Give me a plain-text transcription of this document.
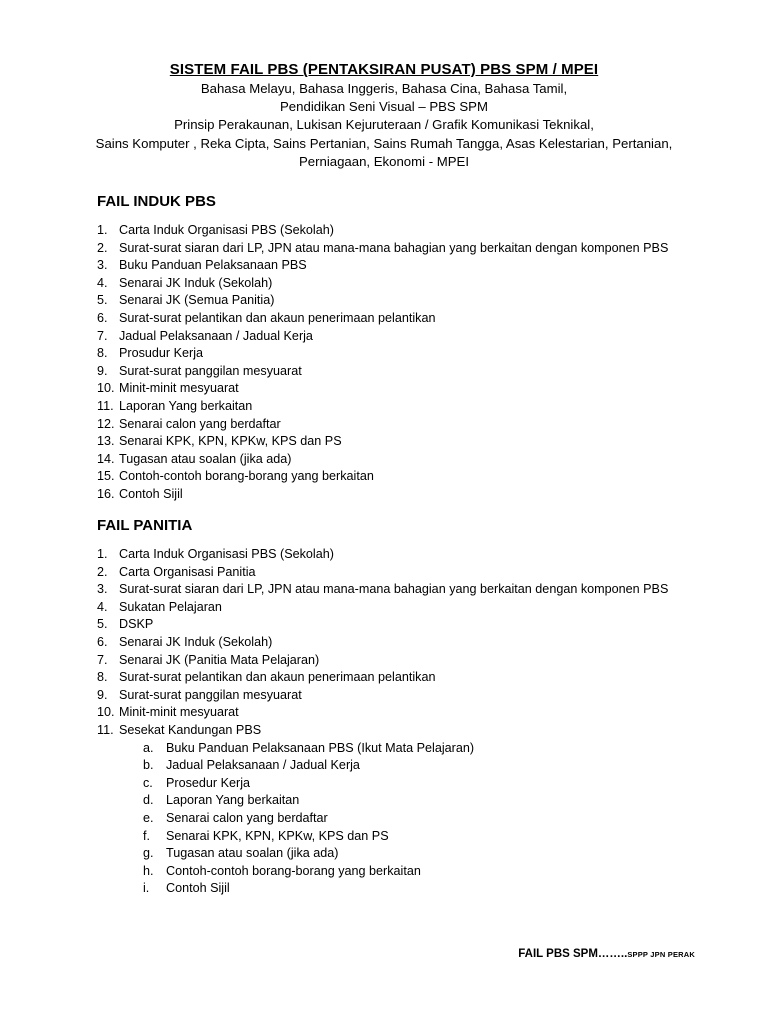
SISTEM FAIL PBS (PENTAKSIRAN PUSAT) PBS SPM / MPEI

Bahasa Melayu, Bahasa Inggeris, Bahasa Cina, Bahasa Tamil,

Pendidikan Seni Visual – PBS SPM

Prinsip Perakaunan, Lukisan Kejuruteraan / Grafik Komunikasi Teknikal,

Sains Komputer , Reka Cipta, Sains Pertanian, Sains Rumah Tangga, Asas Kelestarian, Pertanian,

Perniagaan, Ekonomi - MPEI

FAIL INDUK PBS

1. Carta Induk Organisasi PBS (Sekolah)
2. Surat-surat siaran dari LP, JPN atau mana-mana bahagian yang berkaitan dengan komponen PBS
3. Buku Panduan Pelaksanaan PBS
4. Senarai JK Induk (Sekolah)
5. Senarai JK (Semua Panitia)
6. Surat-surat pelantikan dan akaun penerimaan pelantikan
7. Jadual Pelaksanaan / Jadual Kerja
8. Prosudur Kerja
9. Surat-surat panggilan mesyuarat
10. Minit-minit mesyuarat
11. Laporan Yang berkaitan
12. Senarai calon yang berdaftar
13. Senarai KPK, KPN, KPKw, KPS dan PS
14. Tugasan atau soalan (jika ada)
15. Contoh-contoh borang-borang yang berkaitan
16. Contoh Sijil

FAIL PANITIA

1. Carta Induk Organisasi PBS (Sekolah)
2. Carta Organisasi Panitia
3. Surat-surat siaran dari LP, JPN atau mana-mana bahagian yang berkaitan dengan komponen PBS
4. Sukatan Pelajaran
5. DSKP
6. Senarai JK Induk (Sekolah)
7. Senarai JK (Panitia Mata Pelajaran)
8. Surat-surat pelantikan dan akaun penerimaan pelantikan
9. Surat-surat panggilan mesyuarat
10. Minit-minit mesyuarat
11. Sesekat Kandungan PBS
a. Buku Panduan Pelaksanaan PBS (Ikut Mata Pelajaran)
b. Jadual Pelaksanaan / Jadual Kerja
c. Prosedur Kerja
d. Laporan Yang berkaitan
e. Senarai calon yang berdaftar
f. Senarai KPK, KPN, KPKw, KPS dan PS
g. Tugasan atau soalan (jika ada)
h. Contoh-contoh borang-borang yang berkaitan
i. Contoh Sijil
FAIL PBS SPM……..SPPP JPN PERAK
